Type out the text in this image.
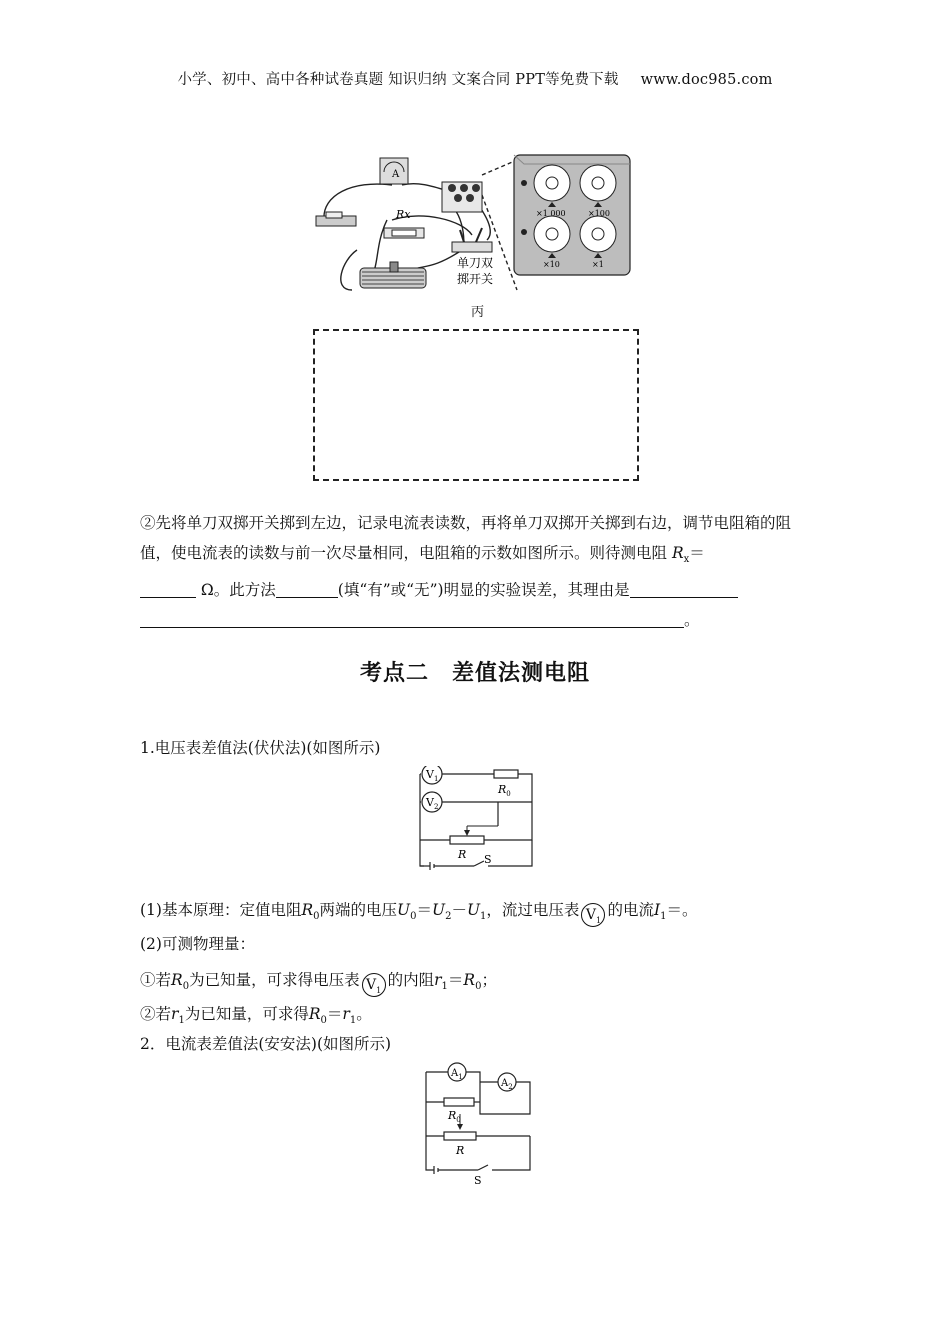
小学、初中、高中各种试卷真题 知识归纳 文案合同 PPT等免费下载 www.doc985.com
A
Rx
单刀双
掷开关
×1 000	×100
×10	×1
丙
②先将单刀双掷开关掷到左边，记录电流表读数，再将单刀双掷开关掷到右边，调节电阻箱的阻值，使电流表的读数与前一次尽量相同，电阻箱的示数如图所示。则待测电阻 $R_x=$
Ω。此方法	(填“有”或“无”)明显的实验误差，其理由是
。
考点二　差值法测电阻
1.电压表差值法(伏伏法)(如图所示)
$V_1$
$V_2$
$R_0$
R S
(1)基本原理：定值电阻$R_0$两端的电压$U_0=U_2-U_1$，流过电压表 $V_1$的电流$I_1=$。
(2)可测物理量：
①若$R_0$为已知量，可求得电压表 $V_1$的内阻$r_1=R_0$；
②若$r_1$为已知量，可求得$R_0=r_1$。
2．电流表差值法(安安法)(如图所示)
$A_1$
$A_2$
$R_0$
R
S
